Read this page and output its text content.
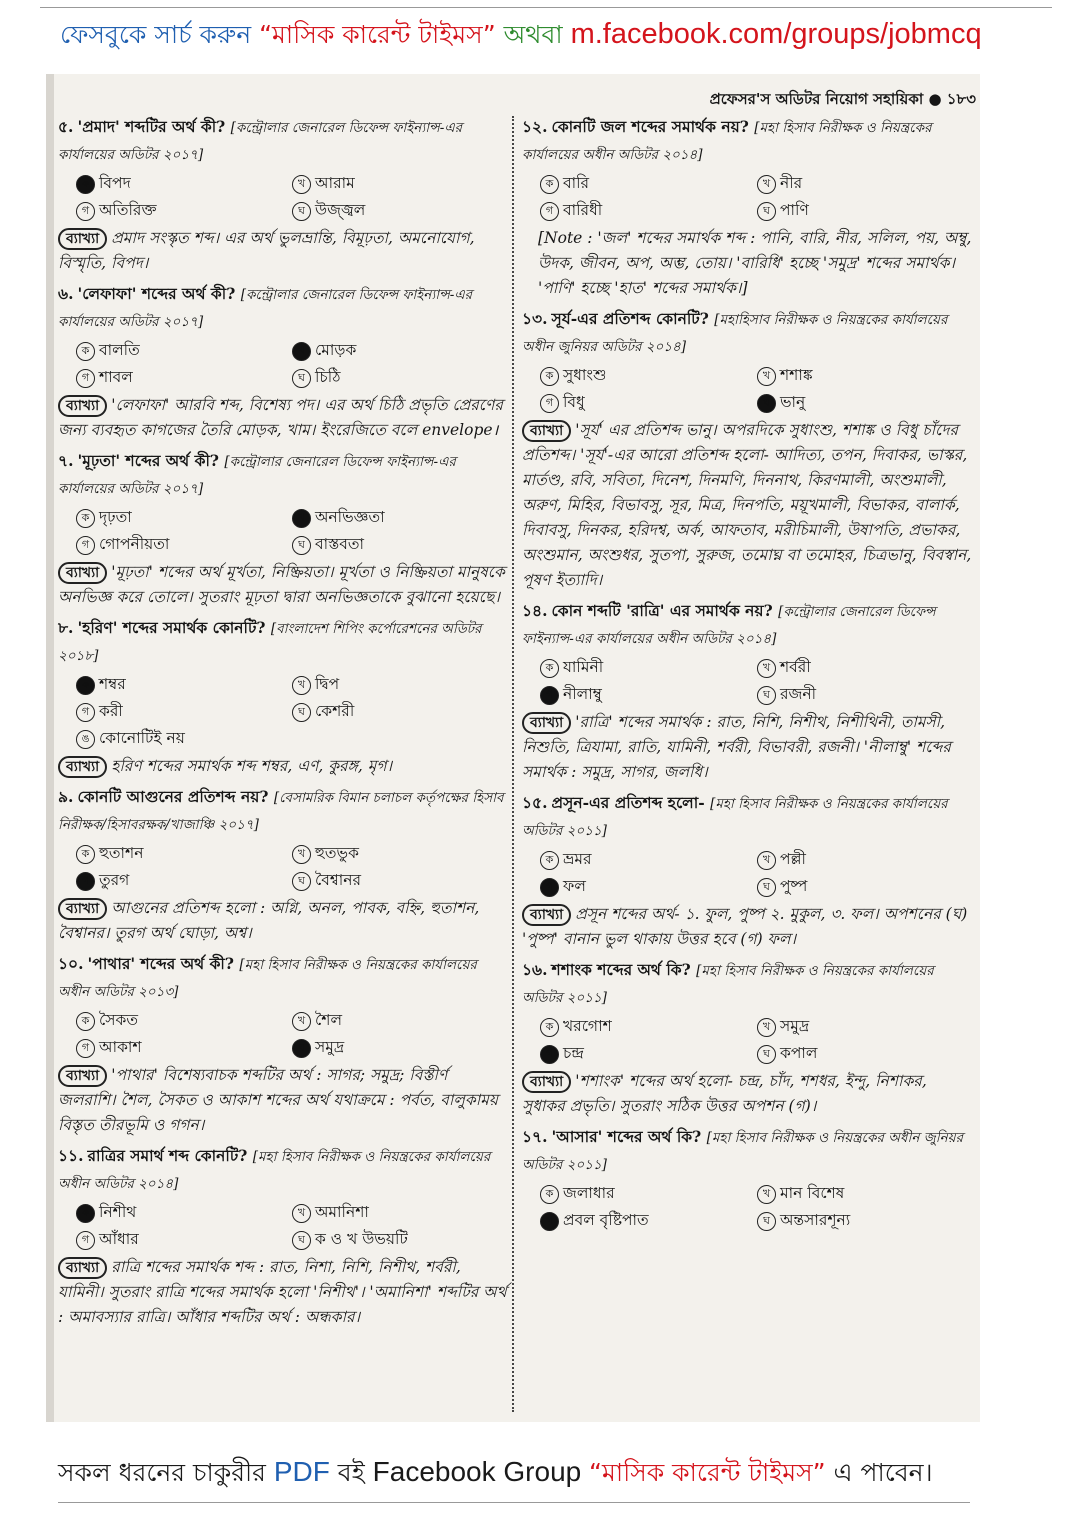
ফেসবুকে সার্চ করুন “মাসিক কারেন্ট টাইমস” অথবা m.facebook.com/groups/jobmcq
প্রফেসর'স অডিটর নিয়োগ সহায়িকা ● ১৮৩
৫. 'প্রমাদ' শব্দটির অর্থ কী? [কন্ট্রোলার জেনারেল ডিফেন্স ফাইন্যান্স-এর কার্যালয়ের অডিটর ২০১৭]
ক বিপদ	খ আরাম
গ অতিরিক্ত	ঘ উজ্জ্বল
ব্যাখ্যা প্রমাদ সংস্কৃত শব্দ। এর অর্থ ভুলভ্রান্তি, বিমূঢ়তা, অমনোযোগ, বিস্মৃতি, বিপদ।
৬. 'লেফাফা' শব্দের অর্থ কী? [কন্ট্রোলার জেনারেল ডিফেন্স ফাইন্যান্স-এর কার্যালয়ের অডিটর ২০১৭]
ক বালতি	খ মোড়ক
গ শাবল	ঘ চিঠি
ব্যাখ্যা 'লেফাফা' আরবি শব্দ, বিশেষ্য পদ। এর অর্থ চিঠি প্রভৃতি প্রেরণের জন্য ব্যবহৃত কাগজের তৈরি মোড়ক, খাম। ইংরেজিতে বলে envelope।
৭. 'মূঢ়তা' শব্দের অর্থ কী? [কন্ট্রোলার জেনারেল ডিফেন্স ফাইন্যান্স-এর কার্যালয়ের অডিটর ২০১৭]
ক দৃঢ়তা	খ অনভিজ্ঞতা
গ গোপনীয়তা	ঘ বাস্তবতা
ব্যাখ্যা 'মূঢ়তা' শব্দের অর্থ মূর্খতা, নিষ্ক্রিয়তা। মূর্খতা ও নিষ্ক্রিয়তা মানুষকে অনভিজ্ঞ করে তোলে। সুতরাং মূঢ়তা দ্বারা অনভিজ্ঞতাকে বুঝানো হয়েছে।
৮. 'হরিণ' শব্দের সমার্থক কোনটি? [বাংলাদেশ শিপিং কর্পোরেশনের অডিটর ২০১৮]
ক শম্বর	খ দ্বিপ
গ করী	ঘ কেশরী
ঙ কোনোটিই নয়
ব্যাখ্যা হরিণ শব্দের সমার্থক শব্দ শম্বর, এণ, কুরঙ্গ, মৃগ।
৯. কোনটি আগুনের প্রতিশব্দ নয়? [বেসামরিক বিমান চলাচল কর্তৃপক্ষের হিসাব নিরীক্ষক/হিসাবরক্ষক/খাজাঞ্চি ২০১৭]
ক হুতাশন	খ হুতভুক
গ তুরগ	ঘ বৈশ্বানর
ব্যাখ্যা আগুনের প্রতিশব্দ হলো : অগ্নি, অনল, পাবক, বহ্নি, হুতাশন, বৈশ্বানর। তুরগ অর্থ ঘোড়া, অশ্ব।
১০. 'পাথার' শব্দের অর্থ কী? [মহা হিসাব নিরীক্ষক ও নিয়ন্ত্রকের কার্যালয়ের অধীন অডিটর ২০১৩]
ক সৈকত	খ শৈল
গ আকাশ	ঘ সমুদ্র
ব্যাখ্যা 'পাথার' বিশেষ্যবাচক শব্দটির অর্থ : সাগর; সমুদ্র; বিস্তীর্ণ জলরাশি। শৈল, সৈকত ও আকাশ শব্দের অর্থ যথাক্রমে : পর্বত, বালুকাময় বিস্তৃত তীরভূমি ও গগন।
১১. রাত্রির সমার্থ শব্দ কোনটি? [মহা হিসাব নিরীক্ষক ও নিয়ন্ত্রকের কার্যালয়ের অধীন অডিটর ২০১৪]
ক নিশীথ	খ অমানিশা
গ আঁধার	ঘ ক ও খ উভয়টি
ব্যাখ্যা রাত্রি শব্দের সমার্থক শব্দ : রাত, নিশা, নিশি, নিশীথ, শর্বরী, যামিনী। সুতরাং রাত্রি শব্দের সমার্থক হলো 'নিশীথ'। 'অমানিশা' শব্দটির অর্থ : অমাবস্যার রাত্রি। আঁধার শব্দটির অর্থ : অন্ধকার।
১২. কোনটি জল শব্দের সমার্থক নয়? [মহা হিসাব নিরীক্ষক ও নিয়ন্ত্রকের কার্যালয়ের অধীন অডিটর ২০১৪]
ক বারি	খ নীর
গ বারিধী	ঘ পাণি
[Note : 'জল' শব্দের সমার্থক শব্দ : পানি, বারি, নীর, সলিল, পয়, অম্বু, উদক, জীবন, অপ, অম্ভ, তোয়। 'বারিধি' হচ্ছে 'সমুদ্র' শব্দের সমার্থক। 'পাণি' হচ্ছে 'হাত' শব্দের সমার্থক।]
১৩. সূর্য-এর প্রতিশব্দ কোনটি? [মহাহিসাব নিরীক্ষক ও নিয়ন্ত্রকের কার্যালয়ের অধীন জুনিয়র অডিটর ২০১৪]
ক সুধাংশু	খ শশাঙ্ক
গ বিধু	ঘ ভানু
ব্যাখ্যা 'সূর্য' এর প্রতিশব্দ ভানু। অপরদিকে সুধাংশু, শশাঙ্ক ও বিধু চাঁদের প্রতিশব্দ। 'সূর্য'-এর আরো প্রতিশব্দ হলো- আদিত্য, তপন, দিবাকর, ভাস্কর, মার্তণ্ড, রবি, সবিতা, দিনেশ, দিনমণি, দিননাথ, কিরণমালী, অংশুমালী, অরুণ, মিহির, বিভাবসু, সূর, মিত্র, দিনপতি, ময়ূখমালী, বিভাকর, বালার্ক, দিবাবসু, দিনকর, হরিদশ্ব, অর্ক, আফতাব, মরীচিমালী, উষাপতি, প্রভাকর, অংশুমান, অংশুধর, সুতপা, সুরুজ, তমোঘ্ন বা তমোহর, চিত্রভানু, বিবস্বান, পূষণ ইত্যাদি।
১৪. কোন শব্দটি 'রাত্রি' এর সমার্থক নয়? [কন্ট্রোলার জেনারেল ডিফেন্স ফাইন্যান্স-এর কার্যালয়ের অধীন অডিটর ২০১৪]
ক যামিনী	খ শর্বরী
গ নীলাম্বু	ঘ রজনী
ব্যাখ্যা 'রাত্রি' শব্দের সমার্থক : রাত, নিশি, নিশীথ, নিশীথিনী, তামসী, নিশুতি, ত্রিযামা, রাতি, যামিনী, শর্বরী, বিভাবরী, রজনী। 'নীলাম্বু' শব্দের সমার্থক : সমুদ্র, সাগর, জলধি।
১৫. প্রসূন-এর প্রতিশব্দ হলো- [মহা হিসাব নিরীক্ষক ও নিয়ন্ত্রকের কার্যালয়ের অডিটর ২০১১]
ক ভ্রমর	খ পল্লী
গ ফল	ঘ পুষ্প
ব্যাখ্যা প্রসূন শব্দের অর্থ- ১. ফুল, পুষ্প ২. মুকুল, ৩. ফল। অপশনের (ঘ) 'পুষ্প' বানান ভুল থাকায় উত্তর হবে (গ) ফল।
১৬. শশাংক শব্দের অর্থ কি? [মহা হিসাব নিরীক্ষক ও নিয়ন্ত্রকের কার্যালয়ের অডিটর ২০১১]
ক খরগোশ	খ সমুদ্র
গ চন্দ্র	ঘ কপাল
ব্যাখ্যা 'শশাংক' শব্দের অর্থ হলো- চন্দ্র, চাঁদ, শশধর, ইন্দু, নিশাকর, সুধাকর প্রভৃতি। সুতরাং সঠিক উত্তর অপশন (গ)।
১৭. 'আসার' শব্দের অর্থ কি? [মহা হিসাব নিরীক্ষক ও নিয়ন্ত্রকের অধীন জুনিয়র অডিটর ২০১১]
ক জলাধার	খ মান বিশেষ
গ প্রবল বৃষ্টিপাত	ঘ অন্তসারশূন্য
সকল ধরনের চাকুরীর PDF বই Facebook Group “মাসিক কারেন্ট টাইমস” এ পাবেন।
